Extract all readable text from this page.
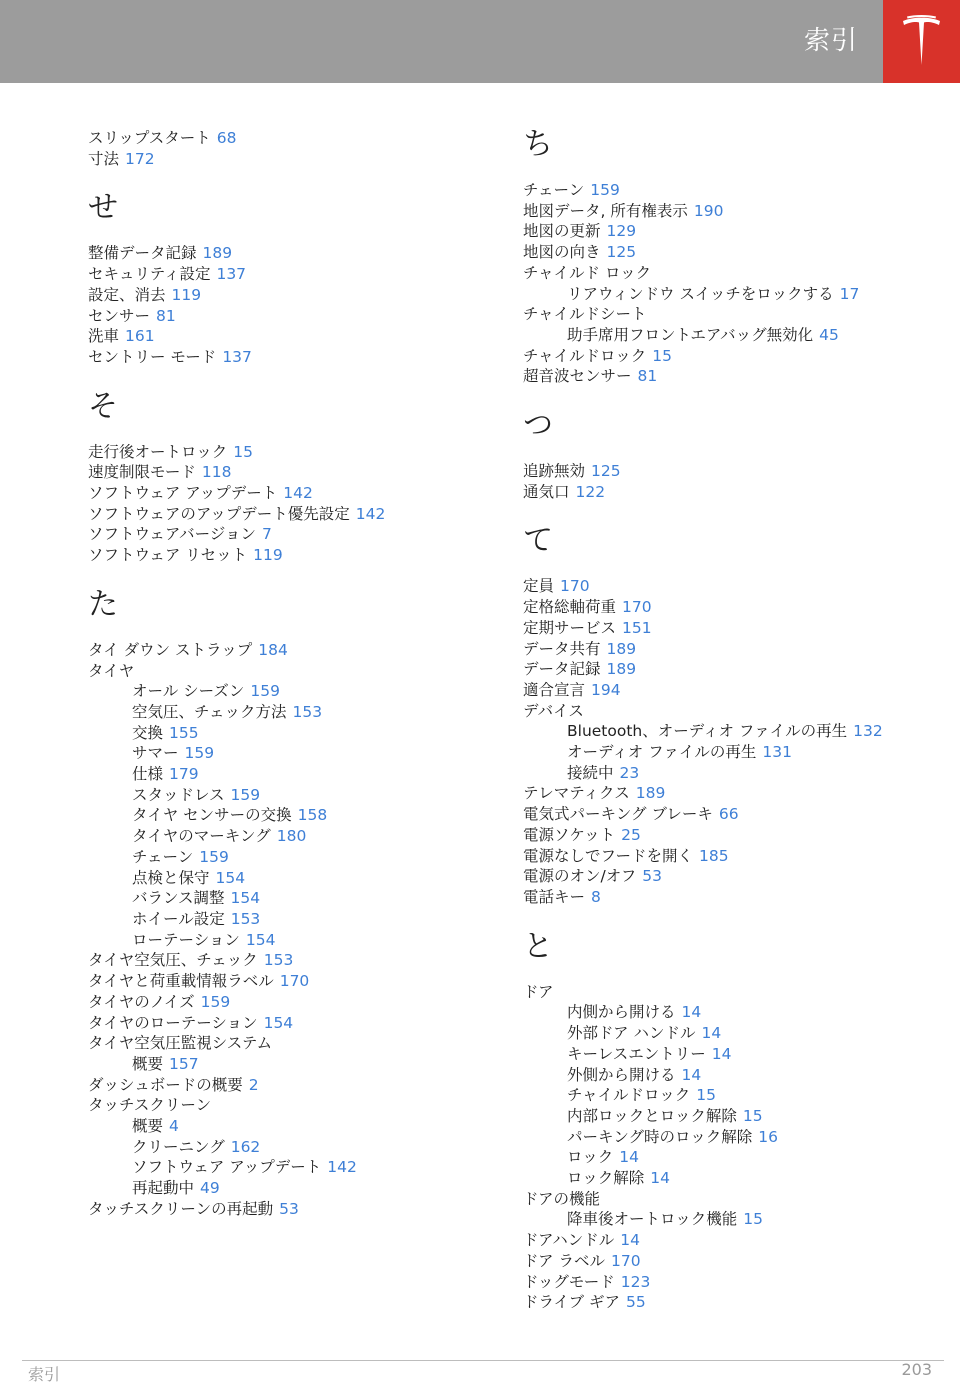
索引
スリップスタート 68
寸法 172
せ
整備データ記録 189
セキュリティ設定 137
設定、消去 119
センサー 81
洗車 161
セントリー モード 137
そ
走行後オートロック 15
速度制限モード 118
ソフトウェア アップデート 142
ソフトウェアのアップデート優先設定 142
ソフトウェアバージョン 7
ソフトウェア リセット 119
た
タイ ダウン ストラップ 184
タイヤ
オール シーズン 159
空気圧、チェック方法 153
交換 155
サマー 159
仕様 179
スタッドレス 159
タイヤ センサーの交換 158
タイヤのマーキング 180
チェーン 159
点検と保守 154
バランス調整 154
ホイール設定 153
ローテーション 154
タイヤ空気圧、チェック 153
タイヤと荷重載情報ラベル 170
タイヤのノイズ 159
タイヤのローテーション 154
タイヤ空気圧監視システム
概要 157
ダッシュボードの概要 2
タッチスクリーン
概要 4
クリーニング 162
ソフトウェア アップデート 142
再起動中 49
タッチスクリーンの再起動 53
ち
チェーン 159
地図データ, 所有権表示 190
地図の更新 129
地図の向き 125
チャイルド ロック
リアウィンドウ スイッチをロックする 17
チャイルドシート
助手席用フロントエアバッグ無効化 45
チャイルドロック 15
超音波センサー 81
つ
追跡無効 125
通気口 122
て
定員 170
定格総軸荷重 170
定期サービス 151
データ共有 189
データ記録 189
適合宣言 194
デバイス
Bluetooth、オーディオ ファイルの再生 132
オーディオ ファイルの再生 131
接続中 23
テレマティクス 189
電気式パーキング ブレーキ 66
電源ソケット 25
電源なしでフードを開く 185
電源のオン/オフ 53
電話キー 8
と
ドア
内側から開ける 14
外部ドア ハンドル 14
キーレスエントリー 14
外側から開ける 14
チャイルドロック 15
内部ロックとロック解除 15
パーキング時のロック解除 16
ロック 14
ロック解除 14
ドアの機能
降車後オートロック機能 15
ドアハンドル 14
ドア ラベル 170
ドッグモード 123
ドライブ ギア 55
索引	203
